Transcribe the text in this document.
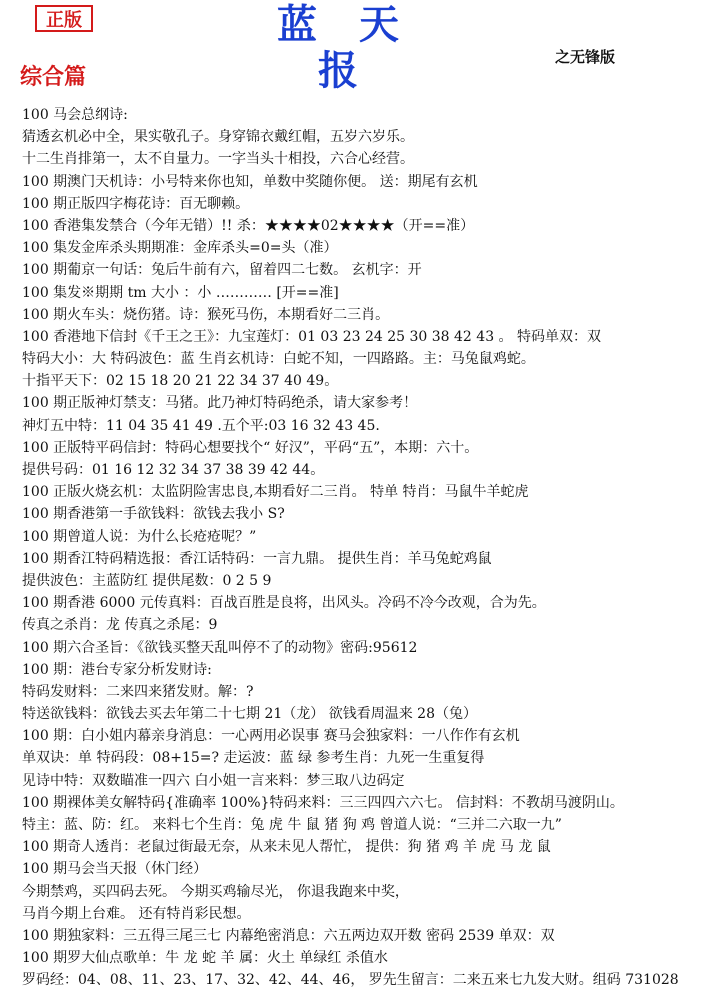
正版	蓝 天 报	之无锋版
综合篇
100 马会总纲诗:
猜透玄机必中全，果实敬孔子。身穿锦衣戴红帽，五岁六岁乐。
十二生肖排第一，太不自量力。一字当头十相投，六合心经营。
100 期澳门天机诗：小号特来你也知，单数中奖随你便。 送：期尾有玄机
100 期正版四字梅花诗：百无聊赖。
100 香港集发禁合（今年无错）!! 杀：★★★★02★★★★（开==准）
100 集发金库杀头期期准：金库杀头=0=头（准）
100 期葡京一句话：兔后牛前有六，留着四二七数。 玄机字：开
100 集发※期期 tm 大小 ：小 ………… [开==准]
100 期火车头：烧伤猪。诗：猴死马伤，本期看好二三肖。
100 香港地下信封《千王之王》：九宝莲灯：01 03 23 24 25 30 38 42 43 。 特码单双：双
特码大小：大 特码波色：蓝 生肖玄机诗：白蛇不知，一四路路。主：马兔鼠鸡蛇。
十指平天下：02 15 18 20 21 22 34 37 40 49。
100 期正版神灯禁支：马猪。此乃神灯特码绝杀，请大家参考！
神灯五中特：11 04 35 41 49 .五个平:03 16 32 43 45.
100 正版特平码信封：特码心想要找个“ 好汉”，平码“五”，本期：六十。
提供号码：01 16 12 32 34 37 38 39 42 44。
100 正版火烧玄机：太监阴险害忠良,本期看好二三肖。 特单 特肖：马鼠牛羊蛇虎
100 期香港第一手欲钱料：欲钱去我小 S?
100 期曾道人说：为什么长疮疮呢？”
100 期香江特码精选报：香江话特码：一言九鼎。 提供生肖：羊马兔蛇鸡鼠
提供波色：主蓝防红 提供尾数：0 2 5 9
100 期香港 6000 元传真料：百战百胜是良将，出风头。冷码不冷今改观，合为先。
传真之杀肖：龙 传真之杀尾：9
100 期六合圣旨：《欲钱买整天乱叫停不了的动物》密码:95612
100 期：港台专家分析发财诗:
特码发财料：二来四来猪发财。解：?
特送欲钱料：欲钱去买去年第二十七期 21（龙） 欲钱看周温来 28（兔）
100 期：白小姐内幕亲身消息：一心两用必误事 赛马会独家料：一八作作有玄机
单双诀：单 特码段：08+15=? 走运波：蓝 绿 参考生肖：九死一生重复得
见诗中特：双数瞄准一四六 白小姐一言来料：梦三取八边码定
100 期裸体美女解特码{准确率 100%}特码来料：三三四四六六七。 信封料：不教胡马渡阴山。
特主：蓝、防：红。 来料七个生肖：兔 虎 牛 鼠 猪 狗 鸡 曾道人说：“三并二六取一九”
100 期奇人透肖：老鼠过街最无奈，从来未见人帮忙， 提供：狗 猪 鸡 羊 虎 马 龙 鼠
100 期马会当天报（休门经）
今期禁鸡，买四码去死。 今期买鸡输尽光， 你退我跑来中奖，
马肖今期上台难。 还有特肖彩民想。
100 期独家料：三五得三尾三七 内幕绝密消息：六五两边双开数 密码 2539 单双：双
100 期罗大仙点歌单：牛 龙 蛇 羊 属：火土 单绿红 杀值水
罗码经：04、08、11、23、17、32、42、44、46， 罗先生留言：二来五来七九发大财。组码 731028
